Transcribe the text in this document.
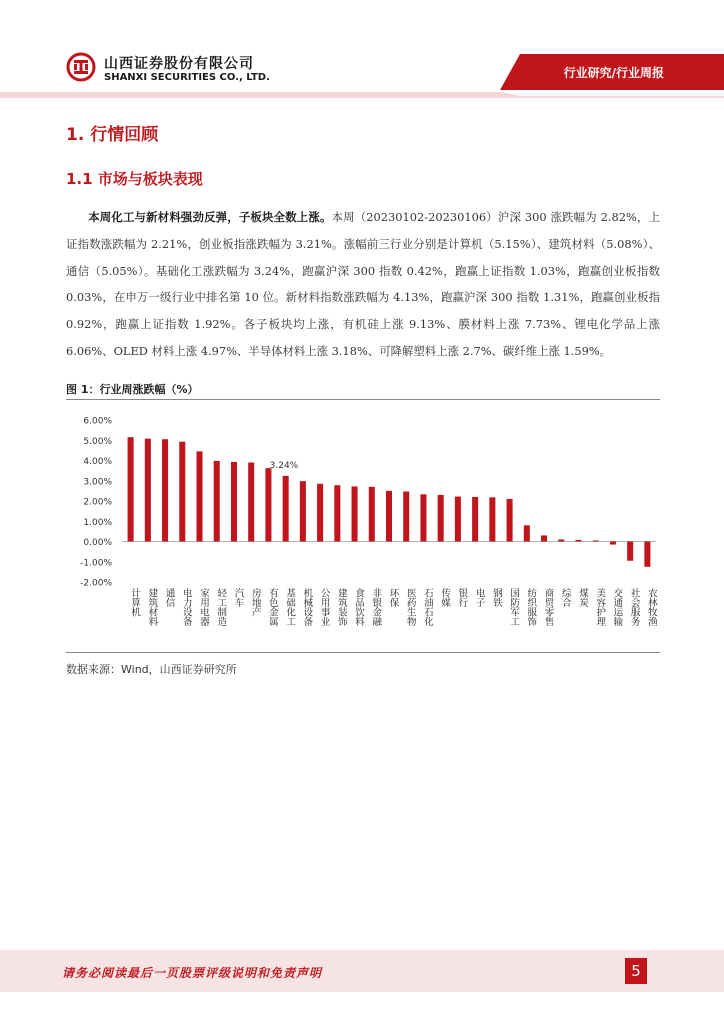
山西证券股份有限公司
SHANXI SECURITIES CO., LTD.	行业研究/行业周报
1. 行情回顾
1.1 市场与板块表现
本周化工与新材料强劲反弹，子板块全数上涨。本周（20230102-20230106）沪深 300 涨跌幅为 2.82%，上证指数涨跌幅为 2.21%，创业板指涨跌幅为 3.21%。涨幅前三行业分别是计算机（5.15%）、建筑材料（5.08%）、通信（5.05%）。基础化工涨跌幅为 3.24%，跑赢沪深 300 指数 0.42%，跑赢上证指数 1.03%，跑赢创业板指数 0.03%，在申万一级行业中排名第 10 位。新材料指数涨跌幅为 4.13%，跑赢沪深 300 指数 1.31%，跑赢创业板指 0.92%，跑赢上证指数 1.92%。各子板块均上涨，有机硅上涨 9.13%、膜材料上涨 7.73%、锂电化学品上涨 6.06%、OLED 材料上涨 4.97%、半导体材料上涨 3.18%、可降解塑料上涨 2.7%、碳纤维上涨 1.59%。
图 1：行业周涨跌幅（%）
6.00%
5.00%
4.00%
3.00%
2.00%
1.00%
0.00%
-1.00%
-2.00%
计算机 建筑材料 通信 电力设备 家用电器 轻工制造 汽车 房地产 有色金属 基础化工
3.24%
机械设备 公用事业 建筑装饰 食品饮料 非银金融 环保 医药生物 石油石化 传媒 银行 电子 钢铁 国防军工 纺织服饰 商贸零售 综合 煤炭 美容护理 交通运输 社会服务 农林牧渔
数据来源：Wind，山西证券研究所
请务必阅读最后一页股票评级说明和免责声明	5
